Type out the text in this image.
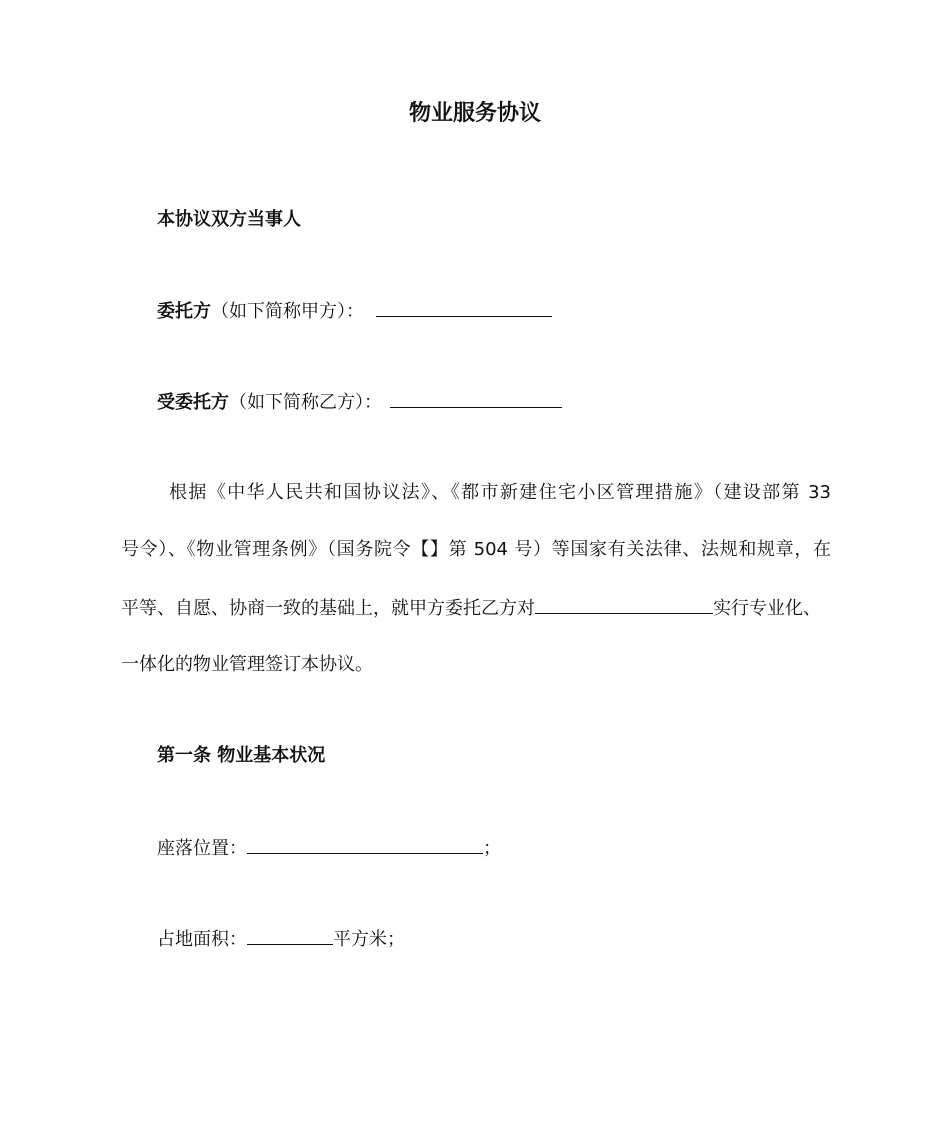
物业服务协议
本协议双方当事人
委托方（如下简称甲方）：
受委托方（如下简称乙方）：
根据《中华人民共和国协议法》、《都市新建住宅小区管理措施》（建设部第 33
号令）、《物业管理条例》（国务院令【】第 504 号）等国家有关法律、法规和规章，在
平等、自愿、协商一致的基础上，就甲方委托乙方对	实行专业化、
一体化的物业管理签订本协议。
第一条 物业基本状况
座落位置：	；
占地面积：	平方米；
